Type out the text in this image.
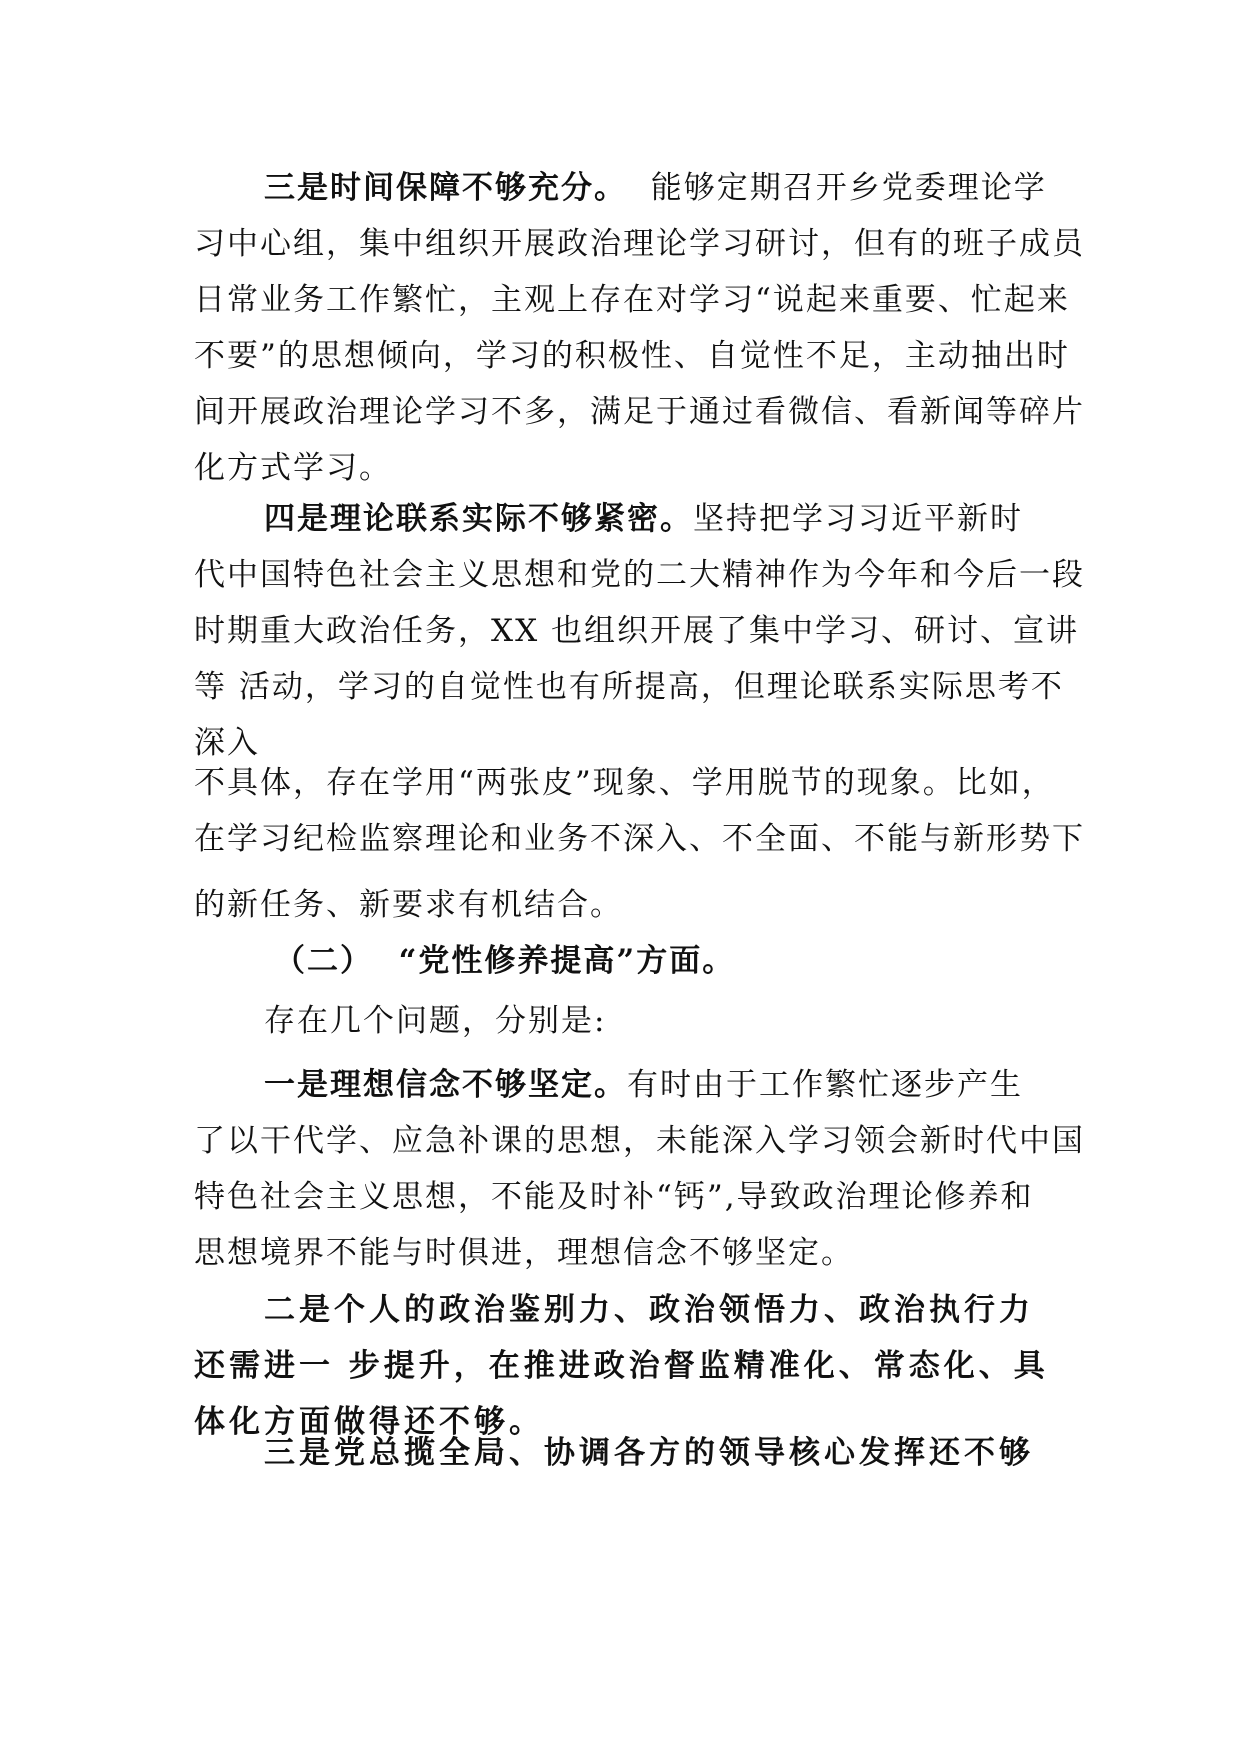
三是时间保障不够充分。  能够定期召开乡党委理论学
习中心组，集中组织开展政治理论学习研讨，但有的班子成员
日常业务工作繁忙，主观上存在对学习“说起来重要、忙起来
不要”的思想倾向，学习的积极性、自觉性不足，主动抽出时
间开展政治理论学习不多，满足于通过看微信、看新闻等碎片
化方式学习。
四是理论联系实际不够紧密。坚持把学习习近平新时
代中国特色社会主义思想和党的二大精神作为今年和今后一段
时期重大政治任务，XX 也组织开展了集中学习、研讨、宣讲
等 活动，学习的自觉性也有所提高，但理论联系实际思考不
深入
不具体，存在学用“两张皮”现象、学用脱节的现象。比如，
在学习纪检监察理论和业务不深入、不全面、不能与新形势下
的新任务、新要求有机结合。
（二）  “党性修养提高”方面。
存在几个问题，分别是:
一是理想信念不够坚定。有时由于工作繁忙逐步产生
了以干代学、应急补课的思想，未能深入学习领会新时代中国
特色社会主义思想，不能及时补“钙”,导致政治理论修养和
思想境界不能与时俱进，理想信念不够坚定。
二是个人的政治鉴别力、政治领悟力、政治执行力
还需进一 步提升，在推进政治督监精准化、常态化、具
体化方面做得还不够。
三是党总揽全局、协调各方的领导核心发挥还不够
